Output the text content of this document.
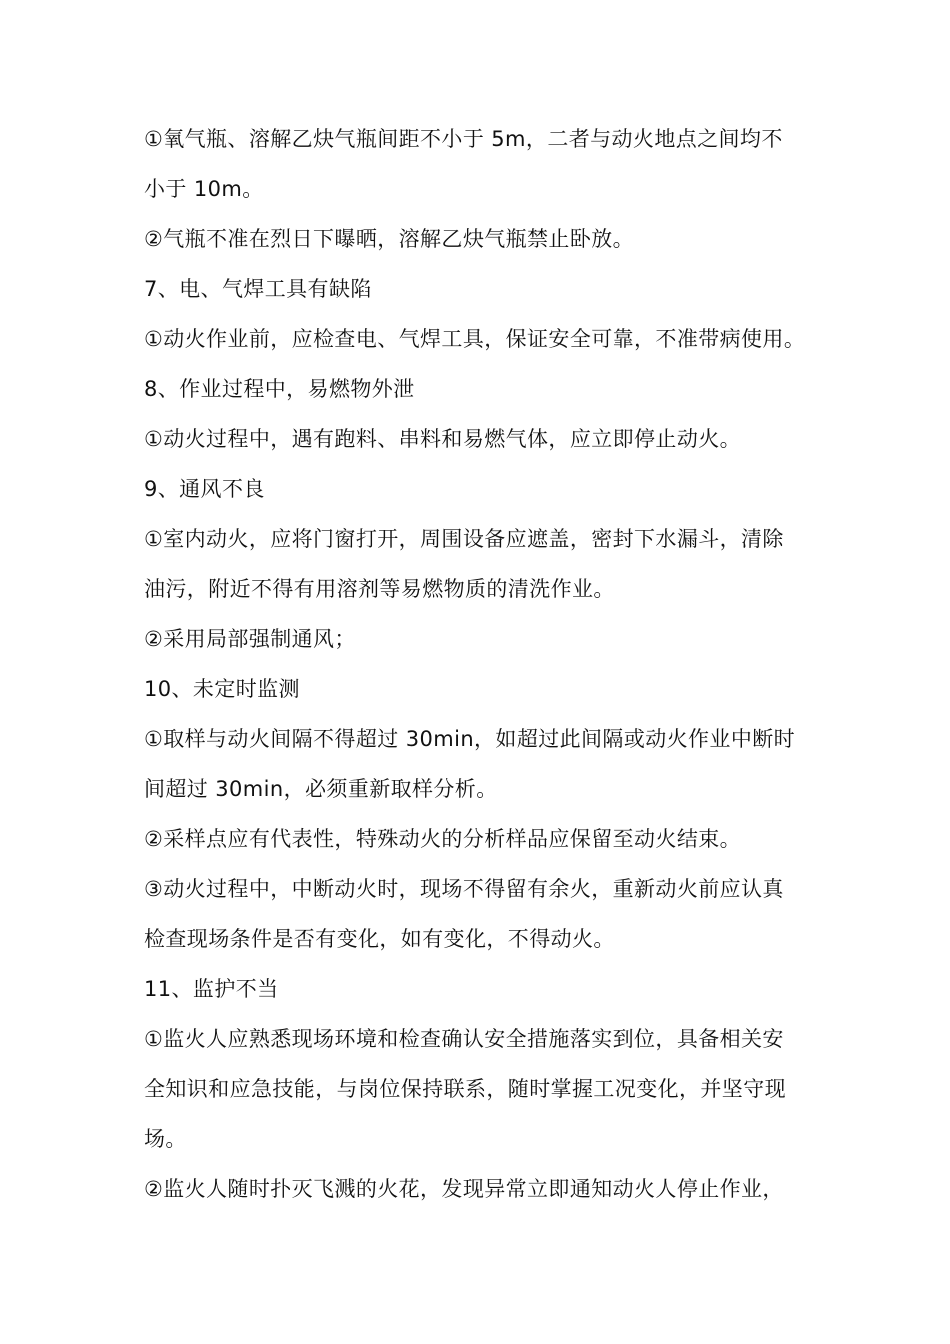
①氧气瓶、溶解乙炔气瓶间距不小于 5m，二者与动火地点之间均不
小于 10m。
②气瓶不准在烈日下曝晒，溶解乙炔气瓶禁止卧放。
7、电、气焊工具有缺陷
①动火作业前，应检查电、气焊工具，保证安全可靠，不准带病使用。
8、作业过程中，易燃物外泄
①动火过程中，遇有跑料、串料和易燃气体，应立即停止动火。
9、通风不良
①室内动火，应将门窗打开，周围设备应遮盖，密封下水漏斗，清除
油污，附近不得有用溶剂等易燃物质的清洗作业。
②采用局部强制通风；
10、未定时监测
①取样与动火间隔不得超过 30min，如超过此间隔或动火作业中断时
间超过 30min，必须重新取样分析。
②采样点应有代表性，特殊动火的分析样品应保留至动火结束。
③动火过程中，中断动火时，现场不得留有余火，重新动火前应认真
检查现场条件是否有变化，如有变化，不得动火。
11、监护不当
①监火人应熟悉现场环境和检查确认安全措施落实到位，具备相关安
全知识和应急技能，与岗位保持联系，随时掌握工况变化，并坚守现
场。
②监火人随时扑灭飞溅的火花，发现异常立即通知动火人停止作业，
